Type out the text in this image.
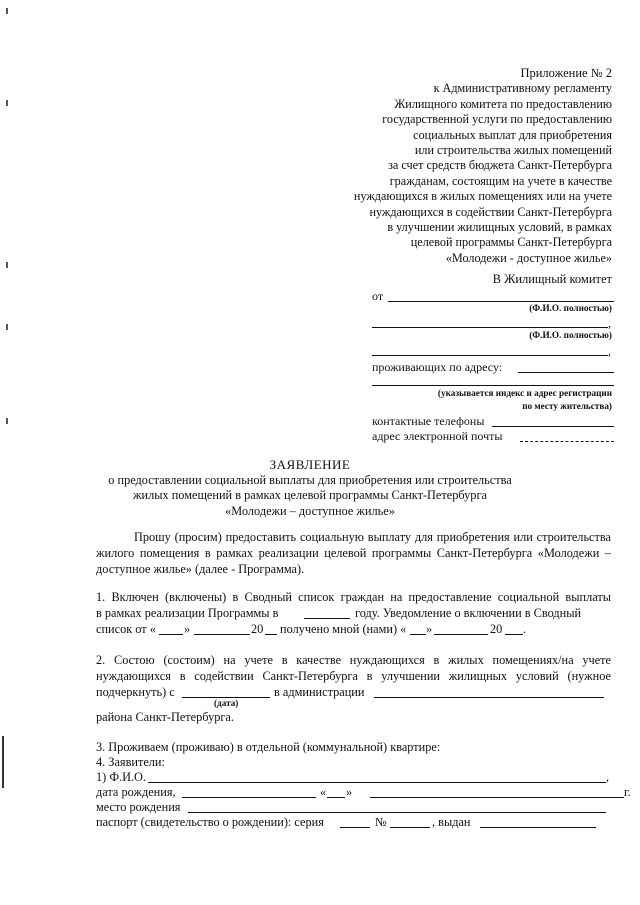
Приложение № 2
к Административному регламенту
Жилищного комитета по предоставлению
государственной услуги по предоставлению
социальных выплат для приобретения
или строительства жилых помещений
за счет средств бюджета Санкт-Петербурга
гражданам, состоящим на учете в качестве
нуждающихся в жилых помещениях или на учете
нуждающихся в содействии Санкт-Петербурга
в улучшении жилищных условий, в рамках
целевой программы Санкт-Петербурга
«Молодежи - доступное жилье»
В Жилищный комитет
от
(Ф.И.О. полностью)
,
(Ф.И.О. полностью)
,
проживающих по адресу:
(указывается индекс и адрес регистрации
по месту жительства)
контактные телефоны
адрес электронной почты
ЗАЯВЛЕНИЕ
о предоставлении социальной выплаты для приобретения или строительства
жилых помещений в рамках целевой программы Санкт-Петербурга
«Молодежи – доступное жилье»
Прошу (просим) предоставить социальную выплату для приобретения или строительства жилого помещения в рамках реализации целевой программы Санкт-Петербурга «Молодежи – доступное жилье» (далее - Программа).
1. Включен (включены) в Сводный список граждан на предоставление социальной выплаты
в рамках реализации Программы в	году. Уведомление о включении в Сводный
список от « »	20 получено мной (нами) « »	20 .
2. Состою (состоим) на учете в качестве нуждающихся в жилых помещениях/на учете
нуждающихся в содействии Санкт-Петербурга в улучшении жилищных условий (нужное
подчеркнуть) с	в администрации
(дата)
района Санкт-Петербурга.
3. Проживаем (проживаю) в отдельной (коммунальной) квартире:
4. Заявители:
1) Ф.И.О.	,
дата рождения,	« »	г.
место рождения
паспорт (свидетельство о рождении): серия	№	, выдан
